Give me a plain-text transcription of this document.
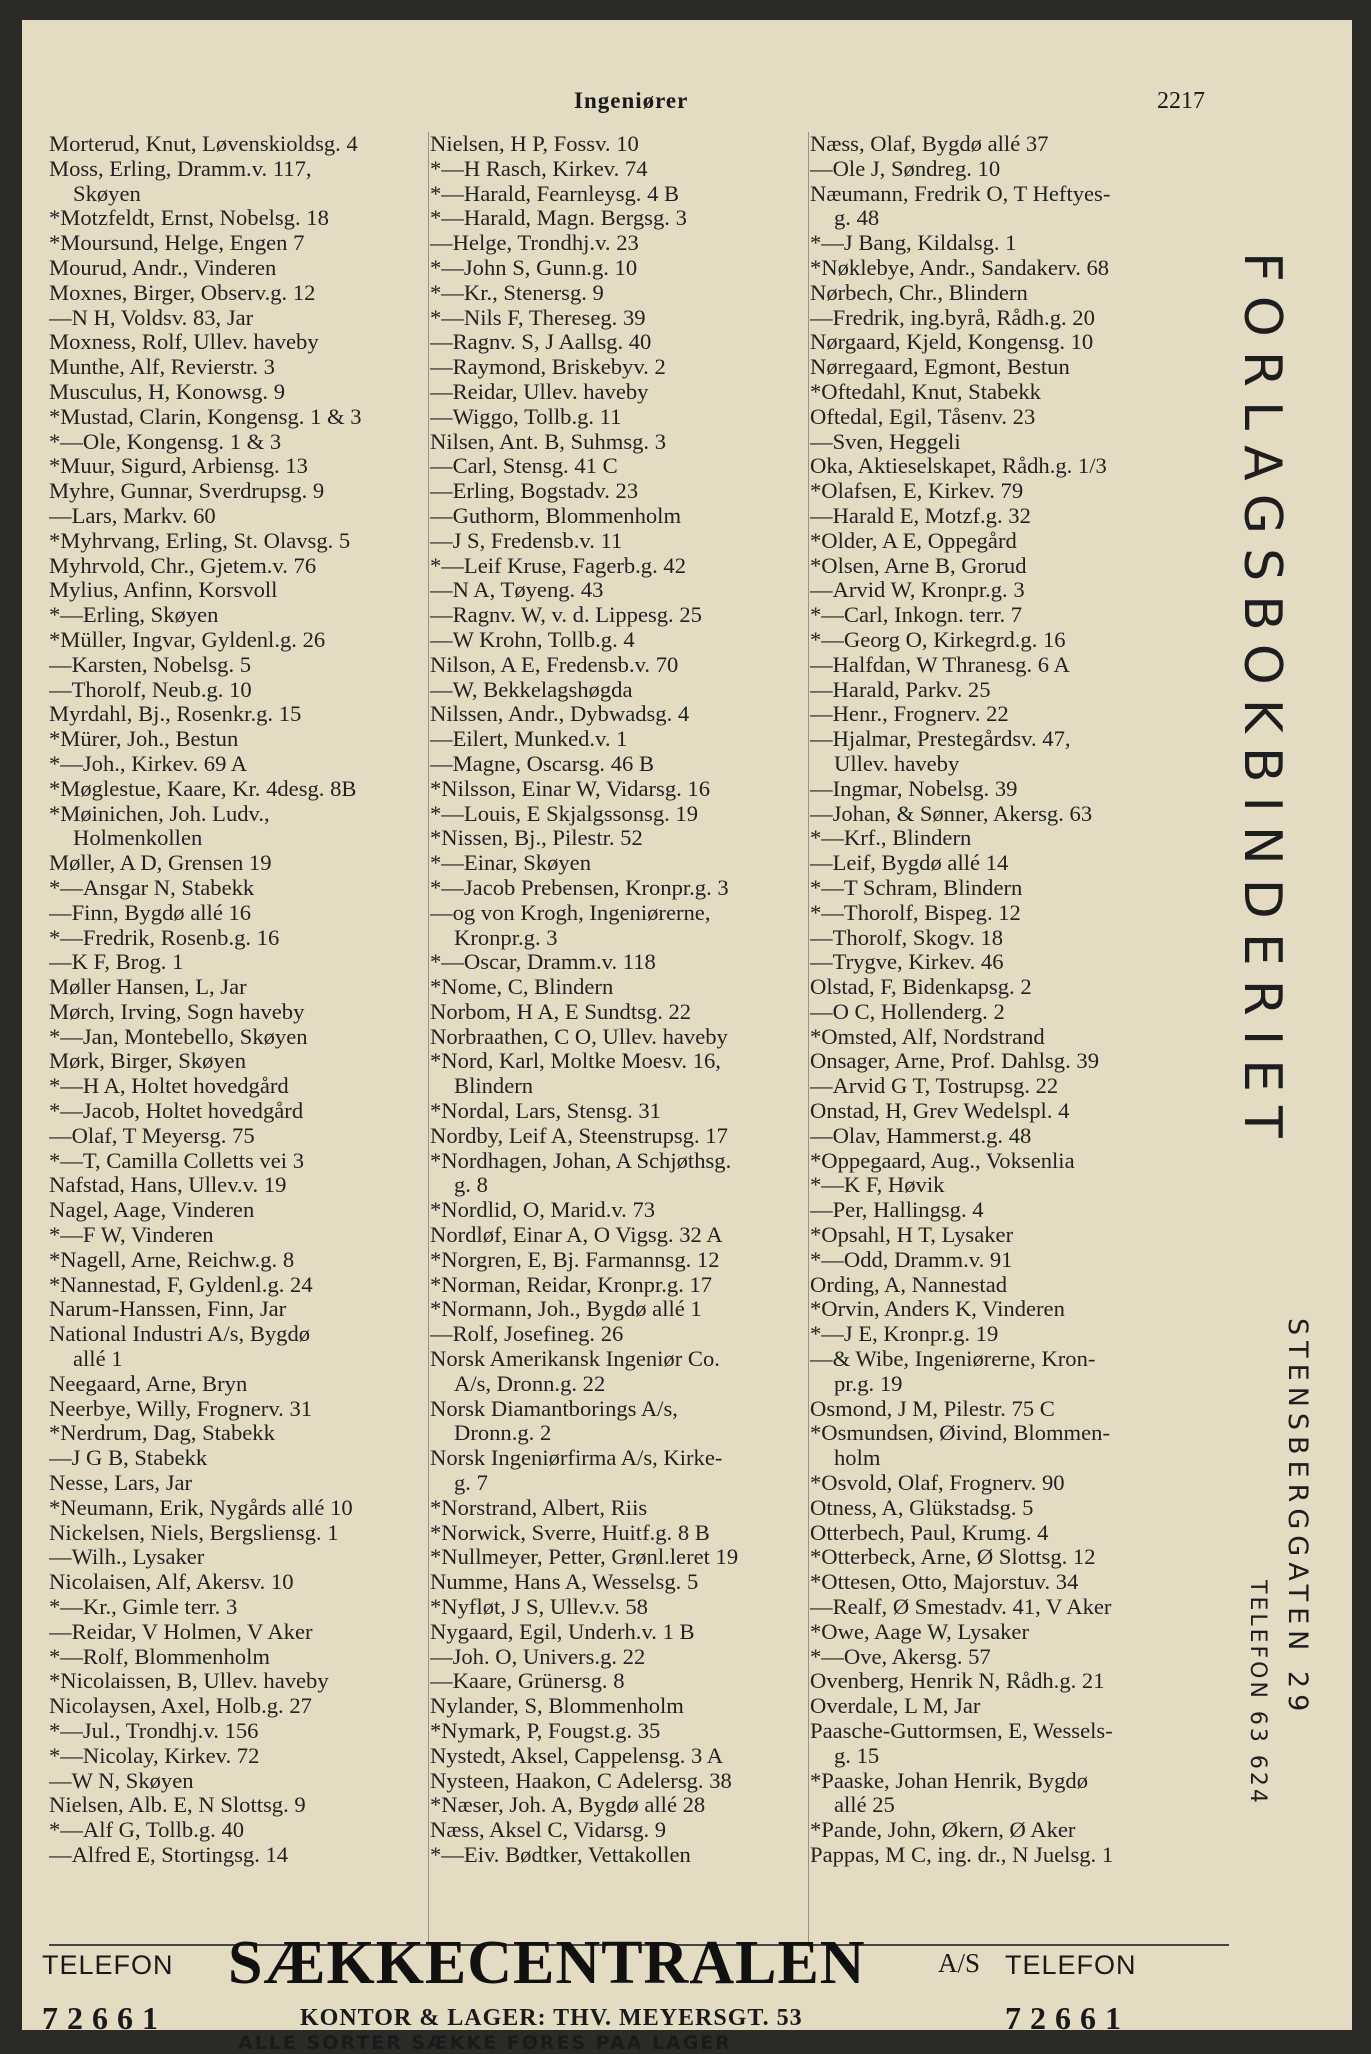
Ingeniører	2217
Morterud, Knut, Løvenskioldsg. 4
Moss, Erling, Dramm.v. 117,
Skøyen
*Motzfeldt, Ernst, Nobelsg. 18
*Moursund, Helge, Engen 7
Mourud, Andr., Vinderen
Moxnes, Birger, Observ.g. 12
—N H, Voldsv. 83, Jar
Moxness, Rolf, Ullev. haveby
Munthe, Alf, Revierstr. 3
Musculus, H, Konowsg. 9
*Mustad, Clarin, Kongensg. 1 & 3
*—Ole, Kongensg. 1 & 3
*Muur, Sigurd, Arbiensg. 13
Myhre, Gunnar, Sverdrupsg. 9
—Lars, Markv. 60
*Myhrvang, Erling, St. Olavsg. 5
Myhrvold, Chr., Gjetem.v. 76
Mylius, Anfinn, Korsvoll
*—Erling, Skøyen
*Müller, Ingvar, Gyldenl.g. 26
—Karsten, Nobelsg. 5
—Thorolf, Neub.g. 10
Myrdahl, Bj., Rosenkr.g. 15
*Mürer, Joh., Bestun
*—Joh., Kirkev. 69 A
*Møglestue, Kaare, Kr. 4desg. 8B
*Møinichen, Joh. Ludv.,
Holmenkollen
Møller, A D, Grensen 19
*—Ansgar N, Stabekk
—Finn, Bygdø allé 16
*—Fredrik, Rosenb.g. 16
—K F, Brog. 1
Møller Hansen, L, Jar
Mørch, Irving, Sogn haveby
*—Jan, Montebello, Skøyen
Mørk, Birger, Skøyen
*—H A, Holtet hovedgård
*—Jacob, Holtet hovedgård
—Olaf, T Meyersg. 75
*—T, Camilla Colletts vei 3
Nafstad, Hans, Ullev.v. 19
Nagel, Aage, Vinderen
*—F W, Vinderen
*Nagell, Arne, Reichw.g. 8
*Nannestad, F, Gyldenl.g. 24
Narum-Hanssen, Finn, Jar
National Industri A/s, Bygdø
allé 1
Neegaard, Arne, Bryn
Neerbye, Willy, Frognerv. 31
*Nerdrum, Dag, Stabekk
—J G B, Stabekk
Nesse, Lars, Jar
*Neumann, Erik, Nygårds allé 10
Nickelsen, Niels, Bergsliensg. 1
—Wilh., Lysaker
Nicolaisen, Alf, Akersv. 10
*—Kr., Gimle terr. 3
—Reidar, V Holmen, V Aker
*—Rolf, Blommenholm
*Nicolaissen, B, Ullev. haveby
Nicolaysen, Axel, Holb.g. 27
*—Jul., Trondhj.v. 156
*—Nicolay, Kirkev. 72
—W N, Skøyen
Nielsen, Alb. E, N Slottsg. 9
*—Alf G, Tollb.g. 40
—Alfred E, Stortingsg. 14
Nielsen, H P, Fossv. 10
*—H Rasch, Kirkev. 74
*—Harald, Fearnleysg. 4 B
*—Harald, Magn. Bergsg. 3
—Helge, Trondhj.v. 23
*—John S, Gunn.g. 10
*—Kr., Stenersg. 9
*—Nils F, Thereseg. 39
—Ragnv. S, J Aallsg. 40
—Raymond, Briskebyv. 2
—Reidar, Ullev. haveby
—Wiggo, Tollb.g. 11
Nilsen, Ant. B, Suhmsg. 3
—Carl, Stensg. 41 C
—Erling, Bogstadv. 23
—Guthorm, Blommenholm
—J S, Fredensb.v. 11
*—Leif Kruse, Fagerb.g. 42
—N A, Tøyeng. 43
—Ragnv. W, v. d. Lippesg. 25
—W Krohn, Tollb.g. 4
Nilson, A E, Fredensb.v. 70
—W, Bekkelagshøgda
Nilssen, Andr., Dybwadsg. 4
—Eilert, Munked.v. 1
—Magne, Oscarsg. 46 B
*Nilsson, Einar W, Vidarsg. 16
*—Louis, E Skjalgssonsg. 19
*Nissen, Bj., Pilestr. 52
*—Einar, Skøyen
*—Jacob Prebensen, Kronpr.g. 3
—og von Krogh, Ingeniørerne,
Kronpr.g. 3
*—Oscar, Dramm.v. 118
*Nome, C, Blindern
Norbom, H A, E Sundtsg. 22
Norbraathen, C O, Ullev. haveby
*Nord, Karl, Moltke Moesv. 16,
Blindern
*Nordal, Lars, Stensg. 31
Nordby, Leif A, Steenstrupsg. 17
*Nordhagen, Johan, A Schjøthsg.
g. 8
*Nordlid, O, Marid.v. 73
Nordløf, Einar A, O Vigsg. 32 A
*Norgren, E, Bj. Farmannsg. 12
*Norman, Reidar, Kronpr.g. 17
*Normann, Joh., Bygdø allé 1
—Rolf, Josefineg. 26
Norsk Amerikansk Ingeniør Co.
A/s, Dronn.g. 22
Norsk Diamantborings A/s,
Dronn.g. 2
Norsk Ingeniørfirma A/s, Kirke-
g. 7
*Norstrand, Albert, Riis
*Norwick, Sverre, Huitf.g. 8 B
*Nullmeyer, Petter, Grønl.leret 19
Numme, Hans A, Wesselsg. 5
*Nyfløt, J S, Ullev.v. 58
Nygaard, Egil, Underh.v. 1 B
—Joh. O, Univers.g. 22
—Kaare, Grünersg. 8
Nylander, S, Blommenholm
*Nymark, P, Fougst.g. 35
Nystedt, Aksel, Cappelensg. 3 A
Nysteen, Haakon, C Adelersg. 38
*Næser, Joh. A, Bygdø allé 28
Næss, Aksel C, Vidarsg. 9
*—Eiv. Bødtker, Vettakollen
Næss, Olaf, Bygdø allé 37
—Ole J, Søndreg. 10
Næumann, Fredrik O, T Heftyes-
g. 48
*—J Bang, Kildalsg. 1
*Nøklebye, Andr., Sandakerv. 68
Nørbech, Chr., Blindern
—Fredrik, ing.byrå, Rådh.g. 20
Nørgaard, Kjeld, Kongensg. 10
Nørregaard, Egmont, Bestun
*Oftedahl, Knut, Stabekk
Oftedal, Egil, Tåsenv. 23
—Sven, Heggeli
Oka, Aktieselskapet, Rådh.g. 1/3
*Olafsen, E, Kirkev. 79
—Harald E, Motzf.g. 32
*Older, A E, Oppegård
*Olsen, Arne B, Grorud
—Arvid W, Kronpr.g. 3
*—Carl, Inkogn. terr. 7
*—Georg O, Kirkegrd.g. 16
—Halfdan, W Thranesg. 6 A
—Harald, Parkv. 25
—Henr., Frognerv. 22
—Hjalmar, Prestegårdsv. 47,
Ullev. haveby
—Ingmar, Nobelsg. 39
—Johan, & Sønner, Akersg. 63
*—Krf., Blindern
—Leif, Bygdø allé 14
*—T Schram, Blindern
*—Thorolf, Bispeg. 12
—Thorolf, Skogv. 18
—Trygve, Kirkev. 46
Olstad, F, Bidenkapsg. 2
—O C, Hollenderg. 2
*Omsted, Alf, Nordstrand
Onsager, Arne, Prof. Dahlsg. 39
—Arvid G T, Tostrupsg. 22
Onstad, H, Grev Wedelspl. 4
—Olav, Hammerst.g. 48
*Oppegaard, Aug., Voksenlia
*—K F, Høvik
—Per, Hallingsg. 4
*Opsahl, H T, Lysaker
*—Odd, Dramm.v. 91
Ording, A, Nannestad
*Orvin, Anders K, Vinderen
*—J E, Kronpr.g. 19
—& Wibe, Ingeniørerne, Kron-
pr.g. 19
Osmond, J M, Pilestr. 75 C
*Osmundsen, Øivind, Blommen-
holm
*Osvold, Olaf, Frognerv. 90
Otness, A, Glükstadsg. 5
Otterbech, Paul, Krumg. 4
*Otterbeck, Arne, Ø Slottsg. 12
*Ottesen, Otto, Majorstuv. 34
—Realf, Ø Smestadv. 41, V Aker
*Owe, Aage W, Lysaker
*—Ove, Akersg. 57
Ovenberg, Henrik N, Rådh.g. 21
Overdale, L M, Jar
Paasche-Guttormsen, E, Wessels-
g. 15
*Paaske, Johan Henrik, Bygdø
allé 25
*Pande, John, Økern, Ø Aker
Pappas, M C, ing. dr., N Juelsg. 1
FORLAGSBOKBINDERIET
STENSBERGGATEN 29
TELEFON 63 624
TELEFON
72661
SÆKKECENTRALEN	A/S TELEFON
72661
KONTOR & LAGER: THV. MEYERSGT. 53
ALLE SORTER SÆKKE FØRES PAA LAGER
